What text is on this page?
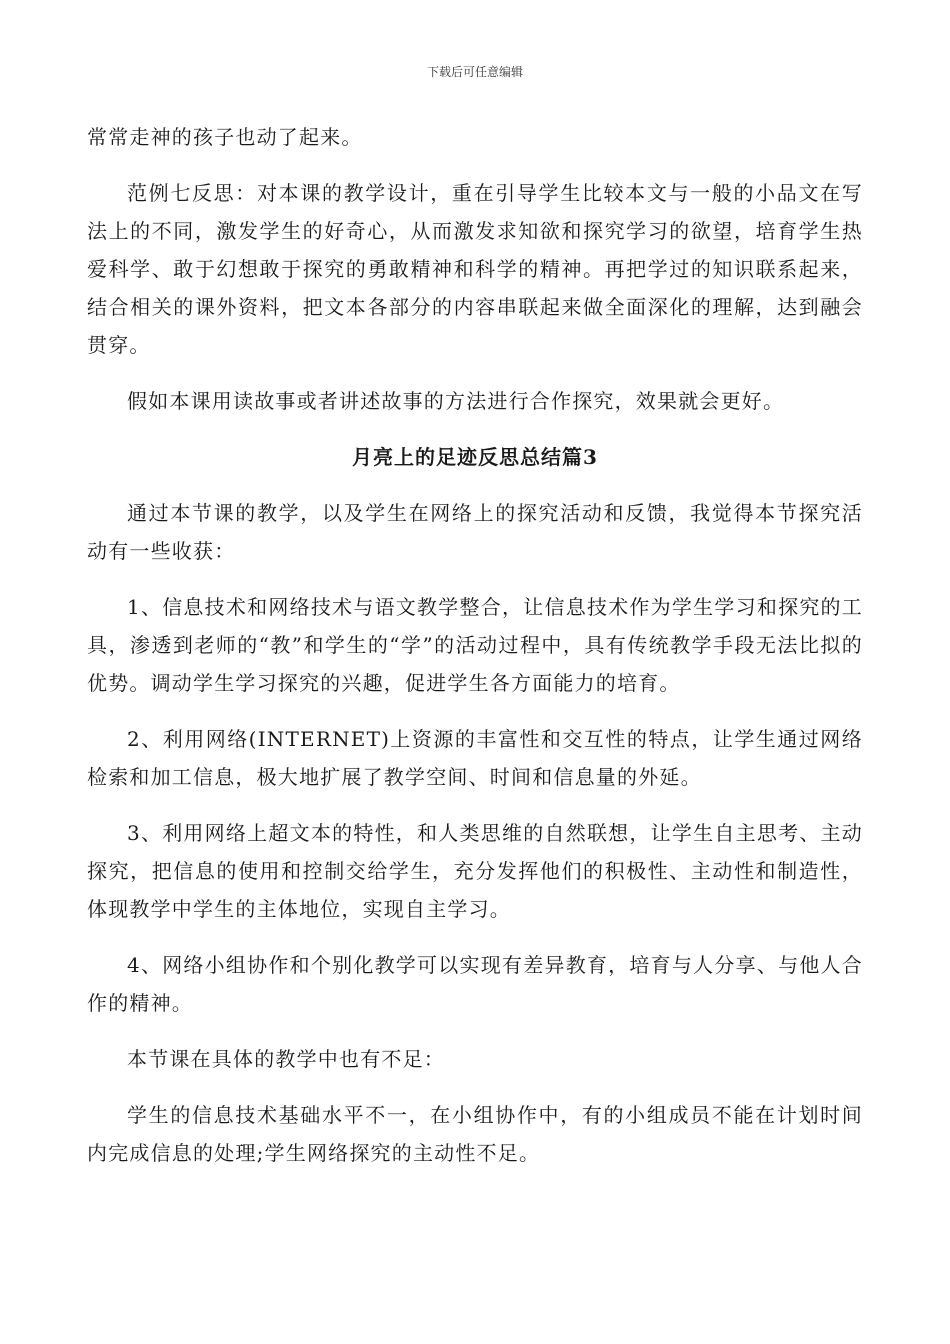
下载后可任意编辑

常常走神的孩子也动了起来。

范例七反思：对本课的教学设计，重在引导学生比较本文与一般的小品文在写法上的不同，激发学生的好奇心，从而激发求知欲和探究学习的欲望，培育学生热爱科学、敢于幻想敢于探究的勇敢精神和科学的精神。再把学过的知识联系起来，结合相关的课外资料，把文本各部分的内容串联起来做全面深化的理解，达到融会贯穿。

假如本课用读故事或者讲述故事的方法进行合作探究，效果就会更好。

月亮上的足迹反思总结篇3

通过本节课的教学，以及学生在网络上的探究活动和反馈，我觉得本节探究活动有一些收获：

1、信息技术和网络技术与语文教学整合，让信息技术作为学生学习和探究的工具，渗透到老师的“教”和学生的“学”的活动过程中，具有传统教学手段无法比拟的优势。调动学生学习探究的兴趣，促进学生各方面能力的培育。

2、利用网络(INTERNET)上资源的丰富性和交互性的特点，让学生通过网络检索和加工信息，极大地扩展了教学空间、时间和信息量的外延。

3、利用网络上超文本的特性，和人类思维的自然联想，让学生自主思考、主动探究，把信息的使用和控制交给学生，充分发挥他们的积极性、主动性和制造性，体现教学中学生的主体地位，实现自主学习。

4、网络小组协作和个别化教学可以实现有差异教育，培育与人分享、与他人合作的精神。

本节课在具体的教学中也有不足：

学生的信息技术基础水平不一，在小组协作中，有的小组成员不能在计划时间内完成信息的处理;学生网络探究的主动性不足。
